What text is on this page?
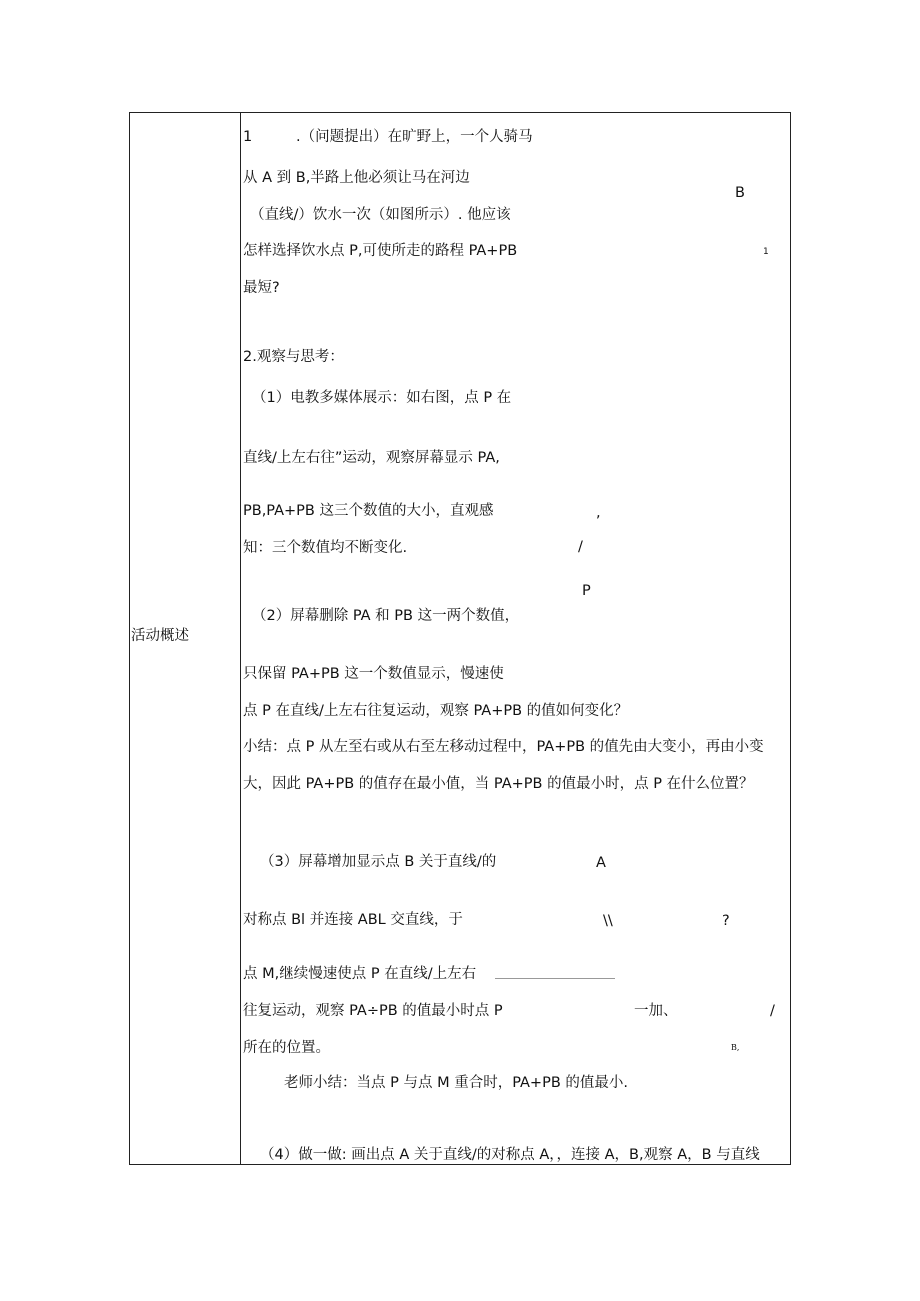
活动概述
1	.（问题提出）在旷野上，一个人骑马
从 A 到 B,半路上他必须让马在河边
（直线/）饮水一次（如图所示）. 他应该
怎样选择饮水点 P,可使所走的路程 PA+PB
最短?
2.观察与思考：
（1）电教多媒体展示：如右图，点 P 在
直线/上左右往”运动，观察屏幕显示 PA,
PB,PA+PB 这三个数值的大小，直观感
知：三个数值均不断变化.
（2）屏幕删除 PA 和 PB 这一两个数值，
只保留 PA+PB 这一个数值显示，慢速使
点 P 在直线/上左右往复运动，观察 PA+PB 的值如何变化？
小结：点 P 从左至右或从右至左移动过程中，PA+PB 的值先由大变小，再由小变
大，因此 PA+PB 的值存在最小值，当 PA+PB 的值最小时，点 P 在什么位置？
（3）屏幕增加显示点 B 关于直线/的
对称点 Bl 并连接 ABL 交直线，于
点 M,继续慢速使点 P 在直线/上左右
往复运动，观察 PA÷PB 的值最小时点 P
所在的位置。
老师小结：当点 P 与点 M 重合时，PA+PB 的值最小.
（4）做一做: 画出点 A 关于直线/的对称点 A，，连接 A，B,观察 A，B 与直线
B
1
,
/
P
A
\\	?
一加、	/
B,
